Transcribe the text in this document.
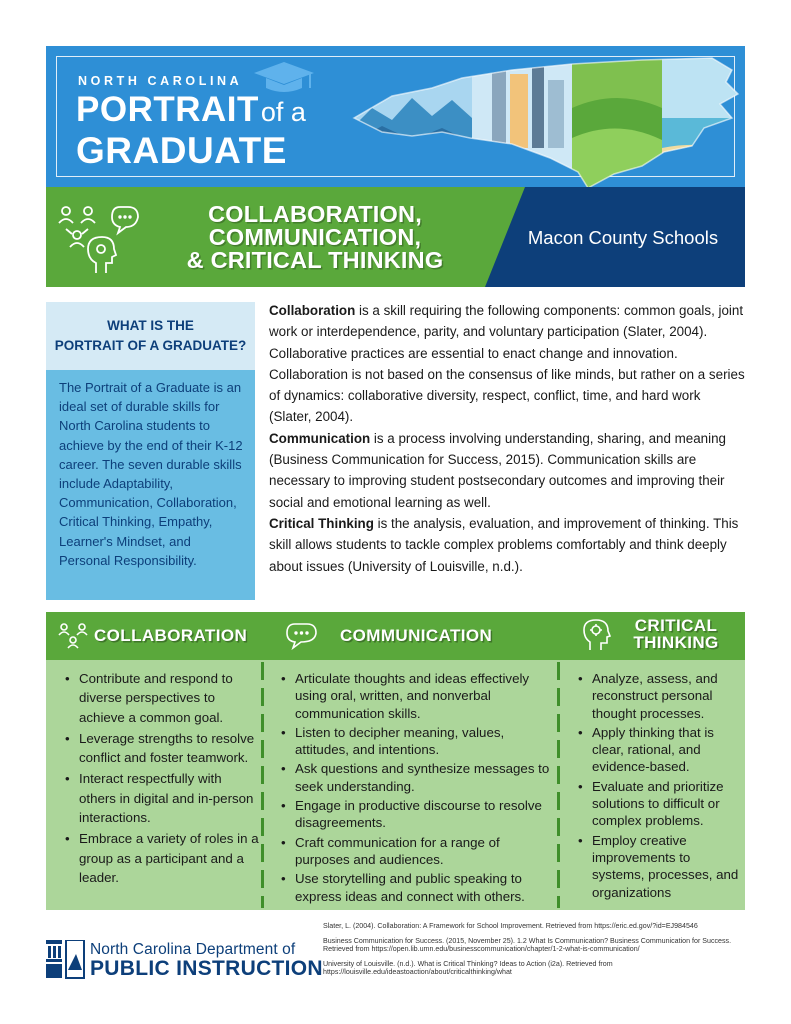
NORTH CAROLINA
PORTRAITof a
GRADUATE
COLLABORATION,
COMMUNICATION,
& CRITICAL THINKING
Macon County Schools
WHAT IS THE
PORTRAIT OF A GRADUATE?
The Portrait of a Graduate is an ideal set of durable skills for North Carolina students to achieve by the end of their K-12 career. The seven durable skills include Adaptability, Communication, Collaboration, Critical Thinking, Empathy, Learner's Mindset, and Personal Responsibility.

Collaboration is a skill requiring the following components: common goals, joint work or interdependence, parity, and voluntary participation (Slater, 2004). Collaborative practices are essential to enact change and innovation. Collaboration is not based on the consensus of like minds, but rather on a series of dynamics: collaborative diversity, respect, conflict, time, and hard work (Slater, 2004).

Communication is a process involving understanding, sharing, and meaning (Business Communication for Success, 2015). Communication skills are necessary to improving student postsecondary outcomes and improving their social and emotional learning as well.

Critical Thinking is the analysis, evaluation, and improvement of thinking. This skill allows students to tackle complex problems comfortably and think deeply about issues (University of Louisville, n.d.).

COLLABORATION	COMMUNICATION
CRITICAL
THINKING
• Contribute and respond to diverse perspectives to achieve a common goal.
• Leverage strengths to resolve conflict and foster teamwork.
• Interact respectfully with others in digital and in-person interactions.
• Embrace a variety of roles in a group as a participant and a leader.
• Articulate thoughts and ideas effectively using oral, written, and nonverbal communication skills.
• Listen to decipher meaning, values, attitudes, and intentions.
• Ask questions and synthesize messages to seek understanding.
• Engage in productive discourse to resolve disagreements.
• Craft communication for a range of purposes and audiences.
• Use storytelling and public speaking to express ideas and connect with others.
• Analyze, assess, and reconstruct personal thought processes.
• Apply thinking that is clear, rational, and evidence-based.
• Evaluate and prioritize solutions to difficult or complex problems.
• Employ creative improvements to systems, processes, and organizations
North Carolina Department of
PUBLIC INSTRUCTION

Slater, L. (2004). Collaboration: A Framework for School Improvement. Retrieved from https://eric.ed.gov/?id=EJ984546

Business Communication for Success. (2015, November 25). 1.2 What Is Communication? Business Communication for Success. Retrieved from https://open.lib.umn.edu/businesscommunication/chapter/1-2-what-is-communication/

University of Louisville. (n.d.). What is Critical Thinking? Ideas to Action (i2a). Retrieved from https://louisville.edu/ideastoaction/about/criticalthinking/what
